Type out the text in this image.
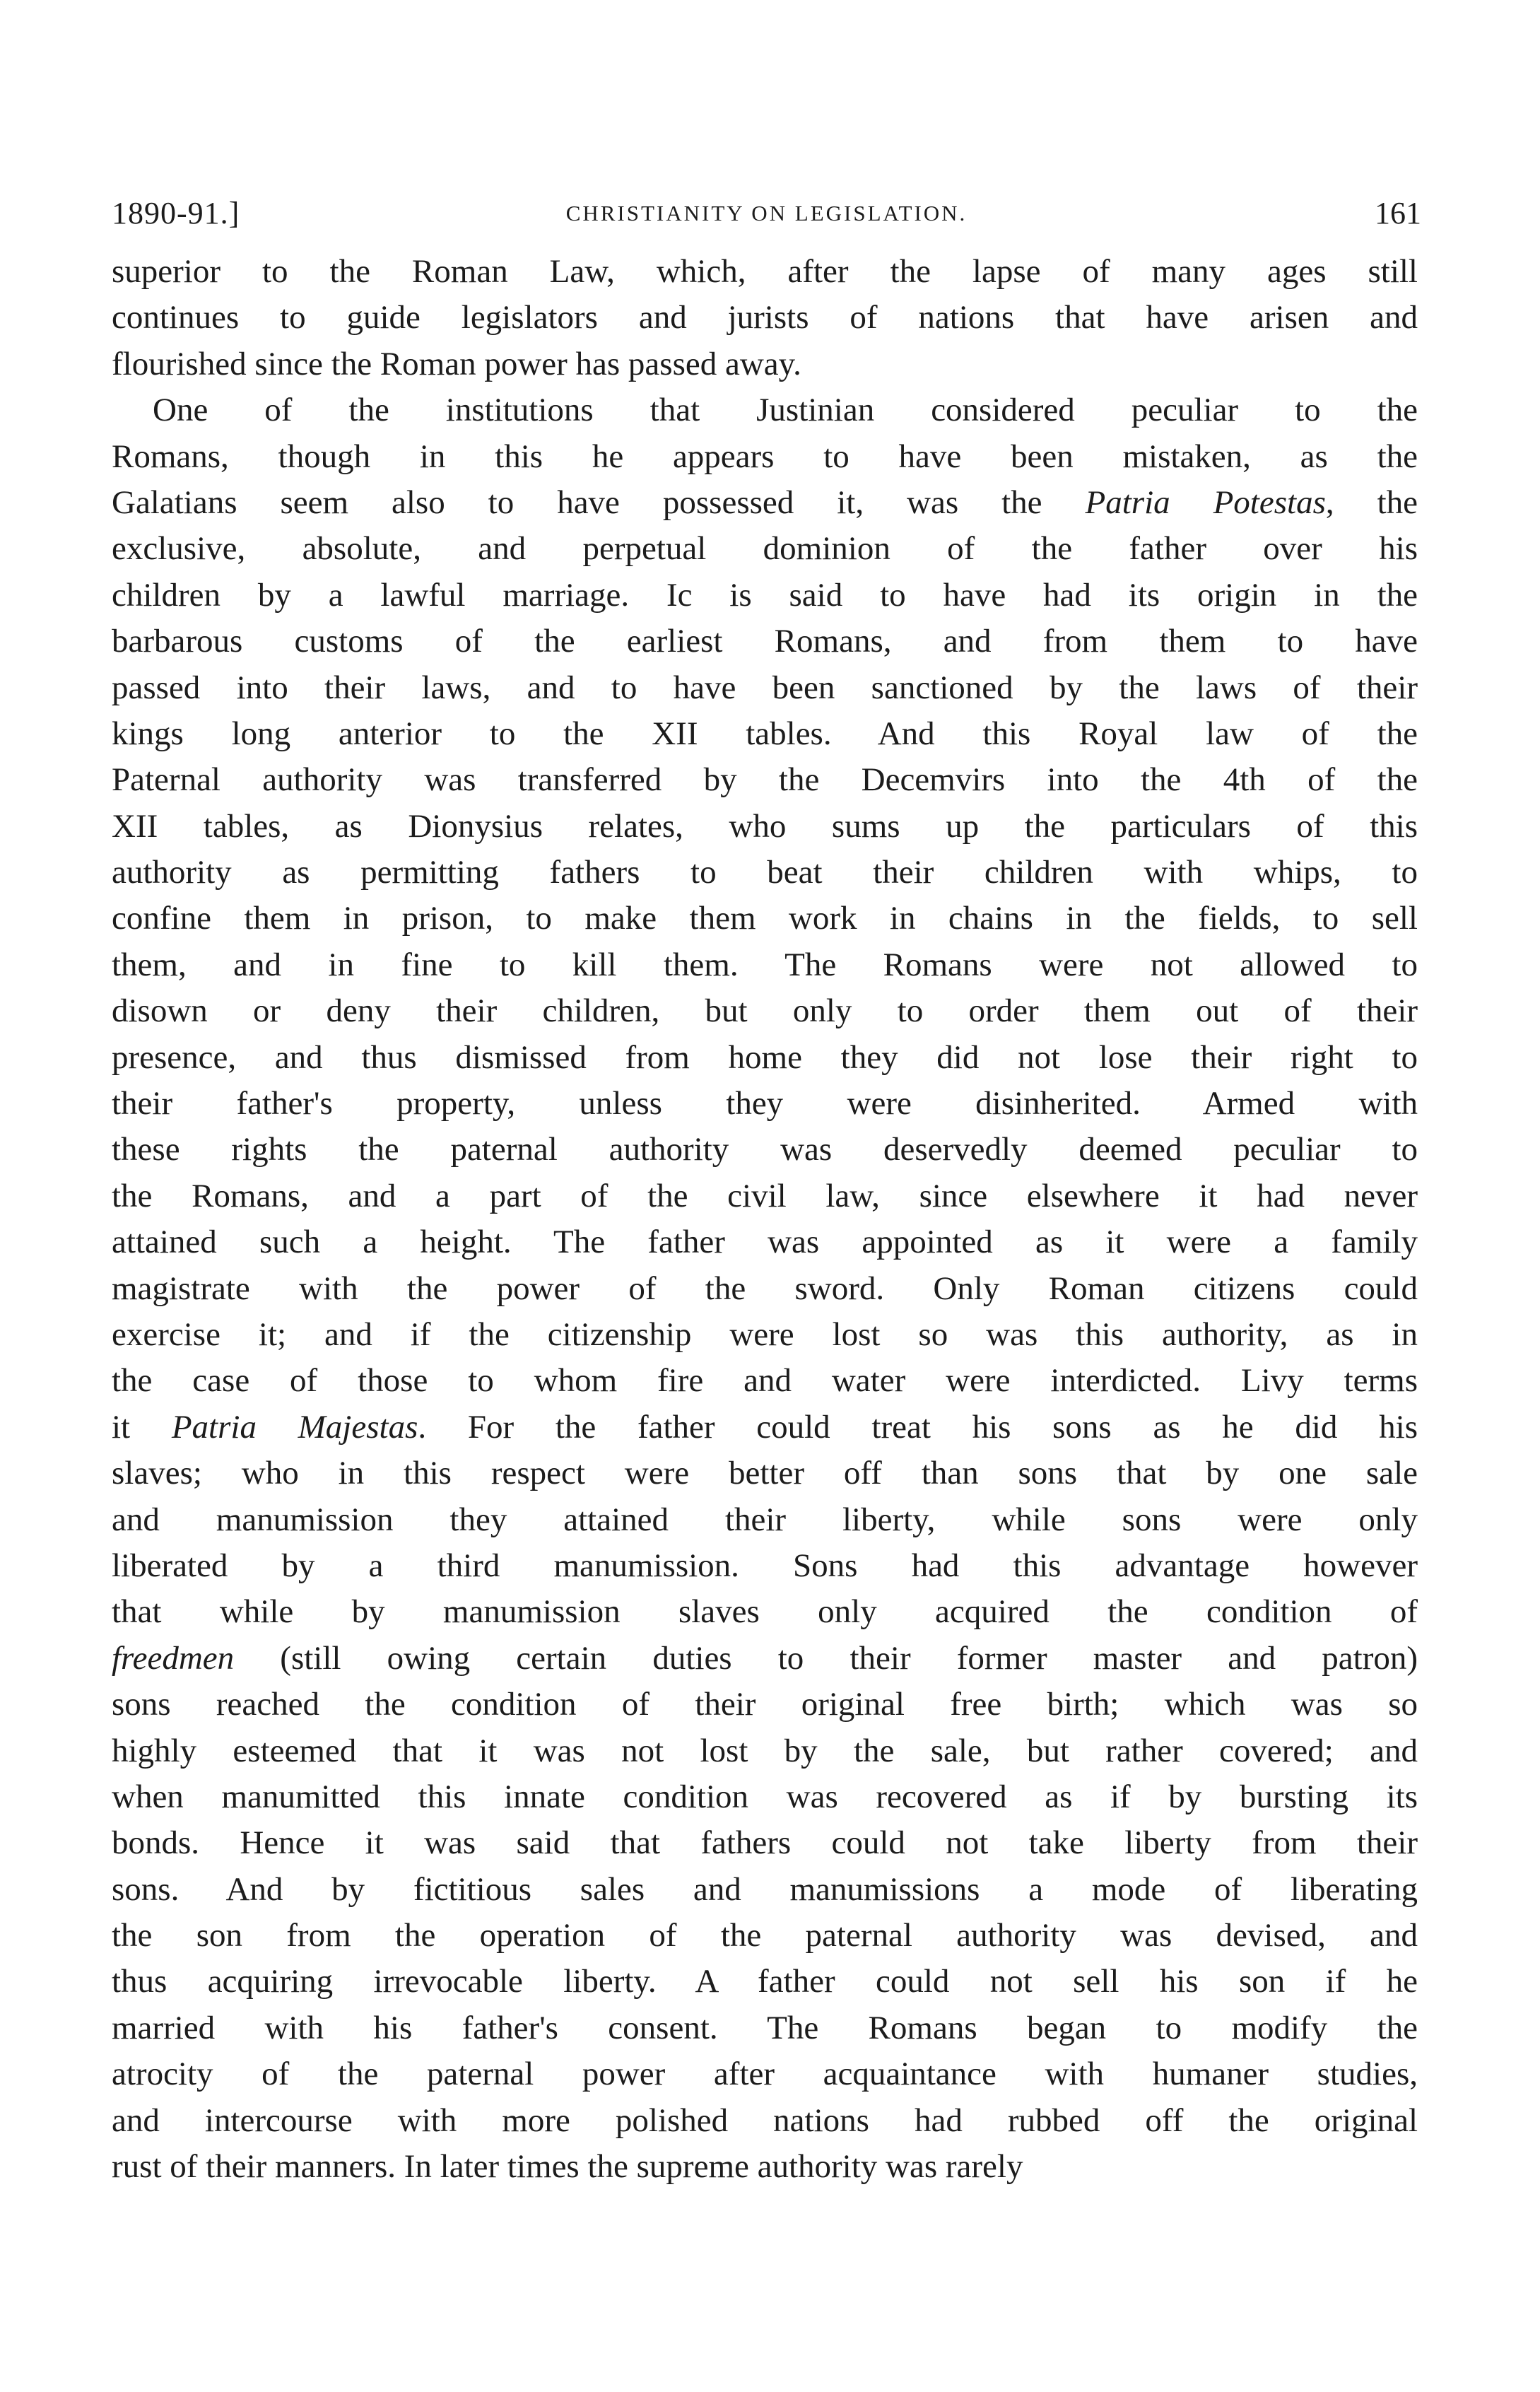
1890-91.]	CHRISTIANITY ON LEGISLATION.	161
superior to the Roman Law, which, after the lapse of many ages still
continues to guide legislators and jurists of nations that have arisen and
flourished since the Roman power has passed away.
One of the institutions that Justinian considered peculiar to the
Romans, though in this he appears to have been mistaken, as the
Galatians seem also to have possessed it, was the Patria Potestas, the
exclusive, absolute, and perpetual dominion of the father over his
children by a lawful marriage. Ic is said to have had its origin in the
barbarous customs of the earliest Romans, and from them to have
passed into their laws, and to have been sanctioned by the laws of their
kings long anterior to the XII tables. And this Royal law of the
Paternal authority was transferred by the Decemvirs into the 4th of the
XII tables, as Dionysius relates, who sums up the particulars of this
authority as permitting fathers to beat their children with whips, to
confine them in prison, to make them work in chains in the fields, to sell
them, and in fine to kill them. The Romans were not allowed to
disown or deny their children, but only to order them out of their
presence, and thus dismissed from home they did not lose their right to
their father's property, unless they were disinherited. Armed with
these rights the paternal authority was deservedly deemed peculiar to
the Romans, and a part of the civil law, since elsewhere it had never
attained such a height. The father was appointed as it were a family
magistrate with the power of the sword. Only Roman citizens could
exercise it; and if the citizenship were lost so was this authority, as in
the case of those to whom fire and water were interdicted. Livy terms
it Patria Majestas. For the father could treat his sons as he did his
slaves; who in this respect were better off than sons that by one sale
and manumission they attained their liberty, while sons were only
liberated by a third manumission. Sons had this advantage however
that while by manumission slaves only acquired the condition of
freedmen (still owing certain duties to their former master and patron)
sons reached the condition of their original free birth; which was so
highly esteemed that it was not lost by the sale, but rather covered; and
when manumitted this innate condition was recovered as if by bursting its
bonds. Hence it was said that fathers could not take liberty from their
sons. And by fictitious sales and manumissions a mode of liberating
the son from the operation of the paternal authority was devised, and
thus acquiring irrevocable liberty. A father could not sell his son if he
married with his father's consent. The Romans began to modify the
atrocity of the paternal power after acquaintance with humaner studies,
and intercourse with more polished nations had rubbed off the original
rust of their manners. In later times the supreme authority was rarely
